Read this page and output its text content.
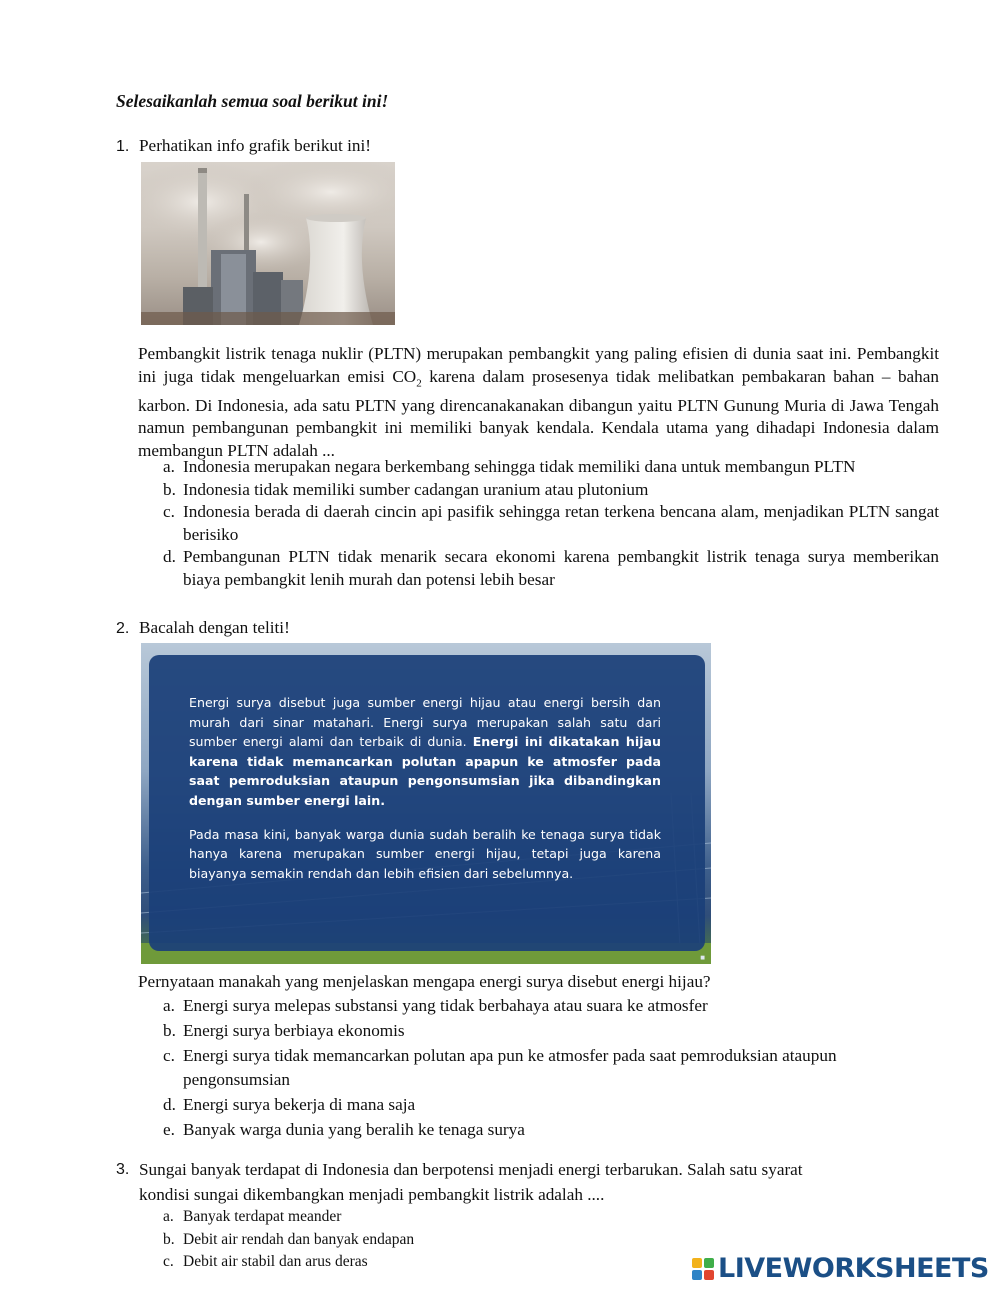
Selesaikanlah semua soal berikut ini!
1. Perhatikan info grafik berikut ini!
Pembangkit listrik tenaga nuklir (PLTN) merupakan pembangkit yang paling efisien di dunia saat ini. Pembangkit ini juga tidak mengeluarkan emisi $CO_2$ karena dalam prosesenya tidak melibatkan pembakaran bahan – bahan karbon. Di Indonesia, ada satu PLTN yang direncanakanakan dibangun yaitu PLTN Gunung Muria di Jawa Tengah namun pembangunan pembangkit ini memiliki banyak kendala. Kendala utama yang dihadapi Indonesia dalam membangun PLTN adalah ...
a. Indonesia merupakan negara berkembang sehingga tidak memiliki dana untuk membangun PLTN
b. Indonesia tidak memiliki sumber cadangan uranium atau plutonium
c. Indonesia berada di daerah cincin api pasifik sehingga retan terkena bencana alam, menjadikan PLTN sangat berisiko
d. Pembangunan PLTN tidak menarik secara ekonomi karena pembangkit listrik tenaga surya memberikan biaya pembangkit lenih murah dan potensi lebih besar
2. Bacalah dengan teliti!

Energi surya disebut juga sumber energi hijau atau energi bersih dan murah dari sinar matahari. Energi surya merupakan salah satu dari sumber energi alami dan terbaik di dunia. Energi ini dikatakan hijau karena tidak memancarkan polutan apapun ke atmosfer pada saat pemroduksian ataupun pengonsumsian jika dibandingkan dengan sumber energi lain.

Pada masa kini, banyak warga dunia sudah beralih ke tenaga surya tidak hanya karena merupakan sumber energi hijau, tetapi juga karena biayanya semakin rendah dan lebih efisien dari sebelumnya.

■
Pernyataan manakah yang menjelaskan mengapa energi surya disebut energi hijau?
a. Energi surya melepas substansi yang tidak berbahaya atau suara ke atmosfer
b. Energi surya berbiaya ekonomis
c. Energi surya tidak memancarkan polutan apa pun ke atmosfer pada saat pemroduksian ataupun pengonsumsian
d. Energi surya bekerja di mana saja
e. Banyak warga dunia yang beralih ke tenaga surya
3. Sungai banyak terdapat di Indonesia dan berpotensi menjadi energi terbarukan. Salah satu syarat kondisi sungai dikembangkan menjadi pembangkit listrik adalah ....
a. Banyak terdapat meander
b. Debit air rendah dan banyak endapan
c. Debit air stabil dan arus deras	LIVEWORKSHEETS
